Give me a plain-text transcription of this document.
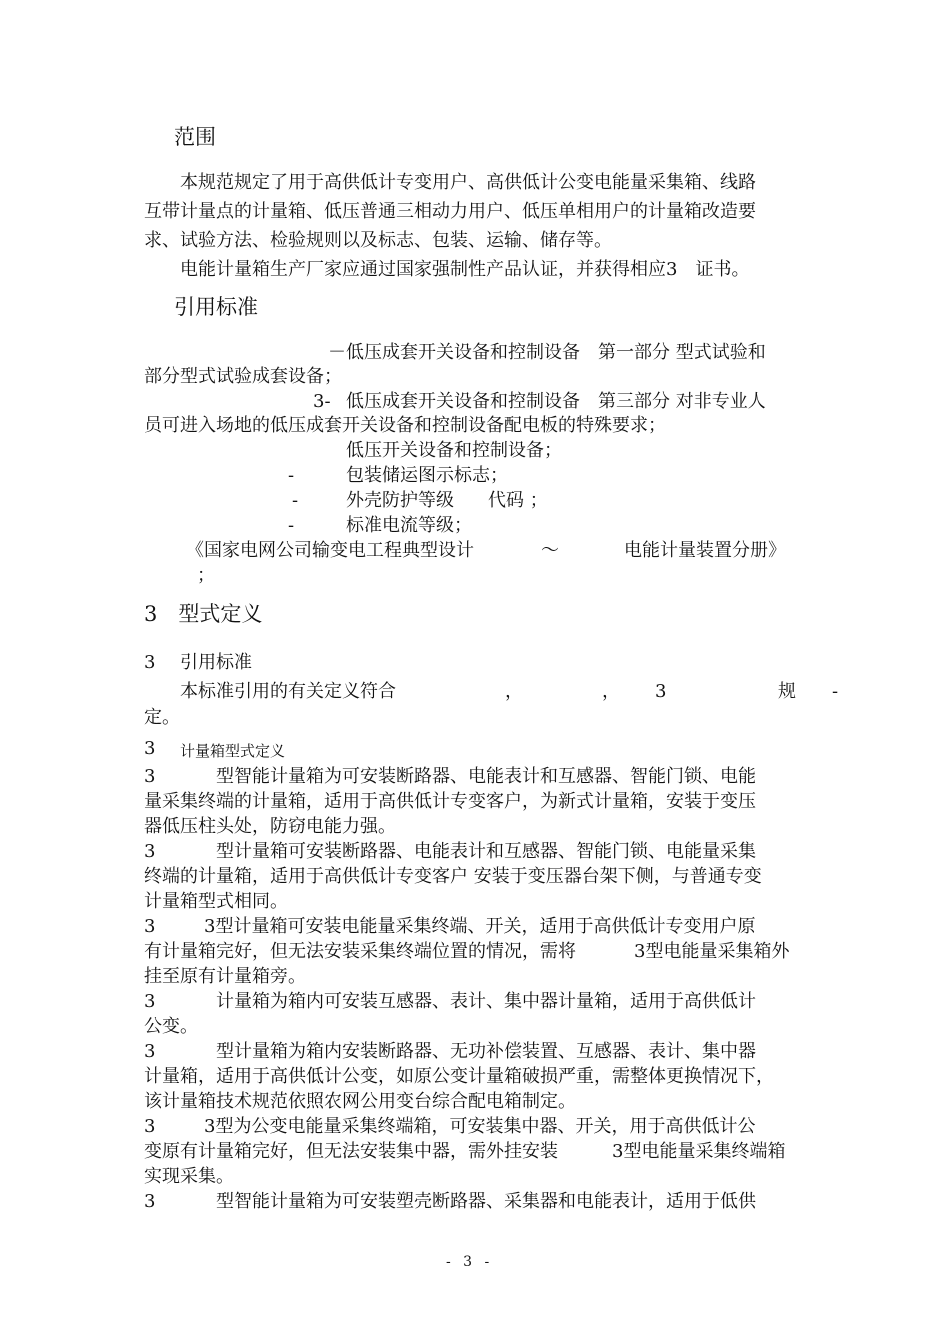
范围
本规范规定了用于高供低计专变用户、高供低计公变电能量采集箱、线路
互带计量点的计量箱、低压普通三相动力用户、低压单相用户的计量箱改造要
求、试验方法、检验规则以及标志、包装、运输、储存等。
电能计量箱生产厂家应通过国家强制性产品认证，并获得相应3　证书。
引用标准
－ 低压成套开关设备和控制设备　第一部分 型式试验和
部分型式试验成套设备；
3- 低压成套开关设备和控制设备　第三部分 对非专业人
员可进入场地的低压成套开关设备和控制设备配电板的特殊要求；
低压开关设备和控制设备；
-	包装储运图示标志；
-	外壳防护等级 代码 ；
-	标准电流等级；
《国家电网公司输变电工程典型设计	～	电能计量装置分册》
；
3　型式定义
3 引用标准
本标准引用的有关定义符合	，	， 3	规 -
定。
3 计量箱型式定义
3	型智能计量箱为可安装断路器、电能表计和互感器、智能门锁、电能
量采集终端的计量箱，适用于高供低计专变客户，为新式计量箱，安装于变压
器低压柱头处，防窃电能力强。
3	型计量箱可安装断路器、电能表计和互感器、智能门锁、电能量采集
终端的计量箱，适用于高供低计专变客户 安装于变压器台架下侧，与普通专变
计量箱型式相同。
3	3型计量箱可安装电能量采集终端、开关，适用于高供低计专变用户原
有计量箱完好，但无法安装采集终端位置的情况，需将	3型电能量采集箱外
挂至原有计量箱旁。
3	计量箱为箱内可安装互感器、表计、集中器计量箱，适用于高供低计
公变。
3	型计量箱为箱内安装断路器、无功补偿装置、互感器、表计、集中器
计量箱，适用于高供低计公变，如原公变计量箱破损严重，需整体更换情况下，
该计量箱技术规范依照农网公用变台综合配电箱制定。
3	3型为公变电能量采集终端箱，可安装集中器、开关，用于高供低计公
变原有计量箱完好，但无法安装集中器，需外挂安装	3型电能量采集终端箱
实现采集。
3	型智能计量箱为可安装塑壳断路器、采集器和电能表计，适用于低供
- 3 -
